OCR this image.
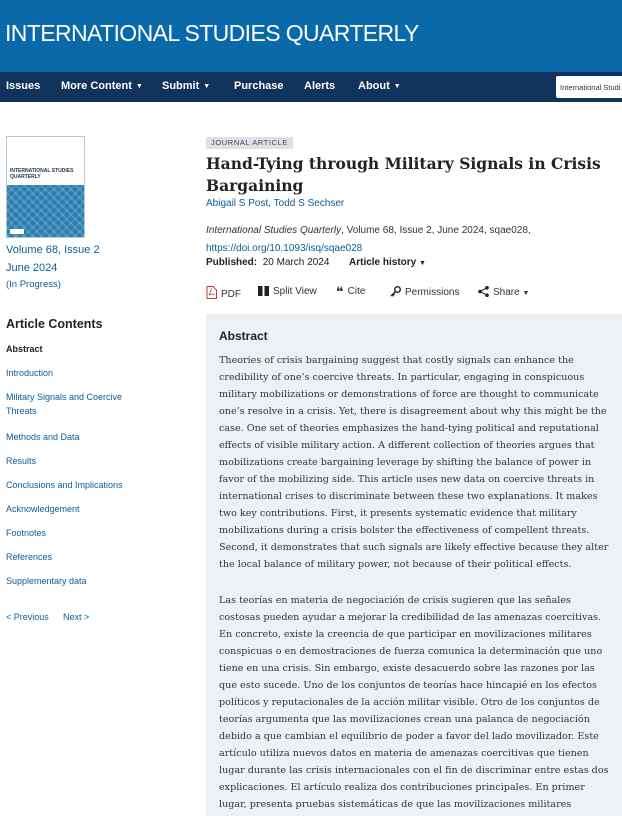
INTERNATIONAL STUDIES QUARTERLY
Issues More Content ▼ Submit ▼ Purchase Alerts About ▼
International Studi
INTERNATIONAL STUDIES QUARTERLY
Volume 68, Issue 2
June 2024
(In Progress)
Article Contents
Abstract
Introduction
Military Signals and Coercive Threats
Methods and Data
Results
Conclusions and Implications
Acknowledgement
Footnotes
References
Supplementary data
< Previous Next >
JOURNAL ARTICLE
Hand-Tying through Military Signals in Crisis Bargaining
Abigail S Post, Todd S Sechser
International Studies Quarterly, Volume 68, Issue 2, June 2024, sqae028,
https://doi.org/10.1093/isq/sqae028
Published: 20 March 2024 Article history ▼
PDF	Split View ❝ Cite	Permissions	Share ▼
Abstract
Theories of crisis bargaining suggest that costly signals can enhance the credibility of one’s coercive threats. In particular, engaging in conspicuous military mobilizations or demonstrations of force are thought to communicate one’s resolve in a crisis. Yet, there is disagreement about why this might be the case. One set of theories emphasizes the hand-tying political and reputational effects of visible military action. A different collection of theories argues that mobilizations create bargaining leverage by shifting the balance of power in favor of the mobilizing side. This article uses new data on coercive threats in international crises to discriminate between these two explanations. It makes two key contributions. First, it presents systematic evidence that military mobilizations during a crisis bolster the effectiveness of compellent threats. Second, it demonstrates that such signals are likely effective because they alter the local balance of military power, not because of their political effects.
Las teorías en materia de negociación de crisis sugieren que las señales costosas pueden ayudar a mejorar la credibilidad de las amenazas coercitivas. En concreto, existe la creencia de que participar en movilizaciones militares conspicuas o en demostraciones de fuerza comunica la determinación que uno tiene en una crisis. Sin embargo, existe desacuerdo sobre las razones por las que esto sucede. Uno de los conjuntos de teorías hace hincapié en los efectos políticos y reputacionales de la acción militar visible. Otro de los conjuntos de teorías argumenta que las movilizaciones crean una palanca de negociación debido a que cambian el equilibrio de poder a favor del lado movilizador. Este artículo utiliza nuevos datos en materia de amenazas coercitivas que tienen lugar durante las crisis internacionales con el fin de discriminar entre estas dos explicaciones. El artículo realiza dos contribuciones principales. En primer lugar, presenta pruebas sistemáticas de que las movilizaciones militares
